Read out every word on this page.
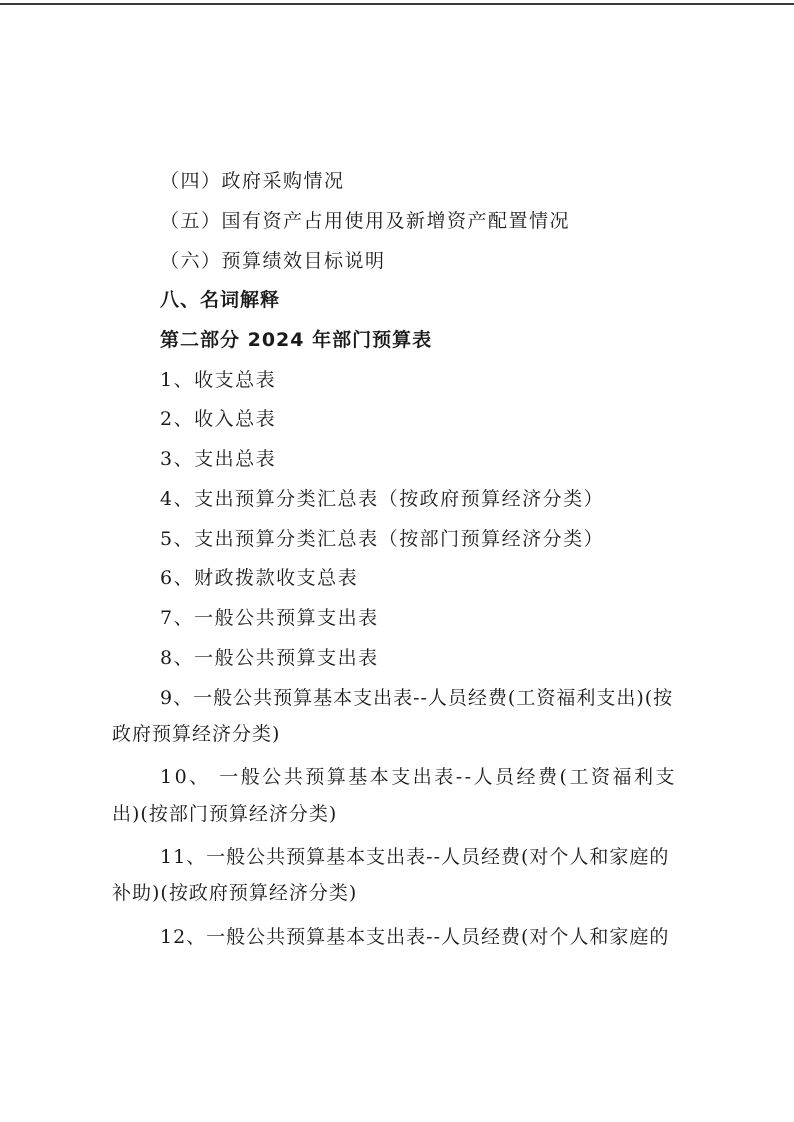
（四）政府采购情况
（五）国有资产占用使用及新增资产配置情况
（六）预算绩效目标说明
八、名词解释
第二部分 2024 年部门预算表
1、收支总表
2、收入总表
3、支出总表
4、支出预算分类汇总表（按政府预算经济分类）
5、支出预算分类汇总表（按部门预算经济分类）
6、财政拨款收支总表
7、一般公共预算支出表
8、一般公共预算支出表
9、一般公共预算基本支出表--人员经费(工资福利支出)(按
政府预算经济分类)
10、 一般公共预算基本支出表--人员经费(工资福利支
出)(按部门预算经济分类)
11、一般公共预算基本支出表--人员经费(对个人和家庭的
补助)(按政府预算经济分类)
12、一般公共预算基本支出表--人员经费(对个人和家庭的
